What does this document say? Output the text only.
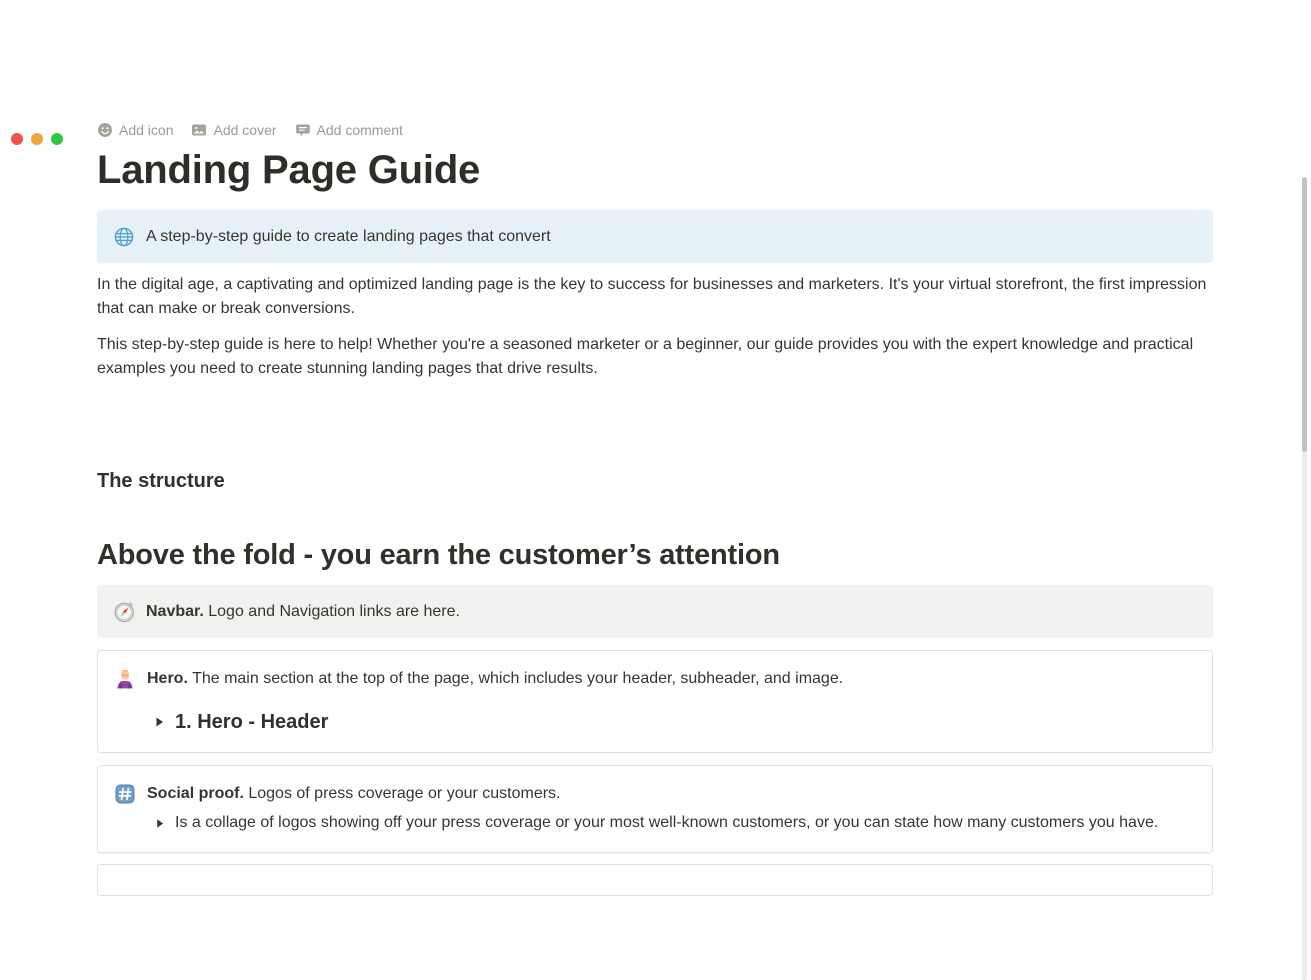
Add icon	Add cover	Add comment
Landing Page Guide
A step-by-step guide to create landing pages that convert

In the digital age, a captivating and optimized landing page is the key to success for businesses and marketers. It's your virtual storefront, the first impression that can make or break conversions.

This step-by-step guide is here to help! Whether you're a seasoned marketer or a beginner, our guide provides you with the expert knowledge and practical examples you need to create stunning landing pages that drive results.

The structure
Above the fold - you earn the customer’s attention
Navbar. Logo and Navigation links are here.
Hero. The main section at the top of the page, which includes your header, subheader, and image.
1. Hero - Header
Social proof. Logos of press coverage or your customers.
Is a collage of logos showing off your press coverage or your most well-known customers, or you can state how many customers you have.
